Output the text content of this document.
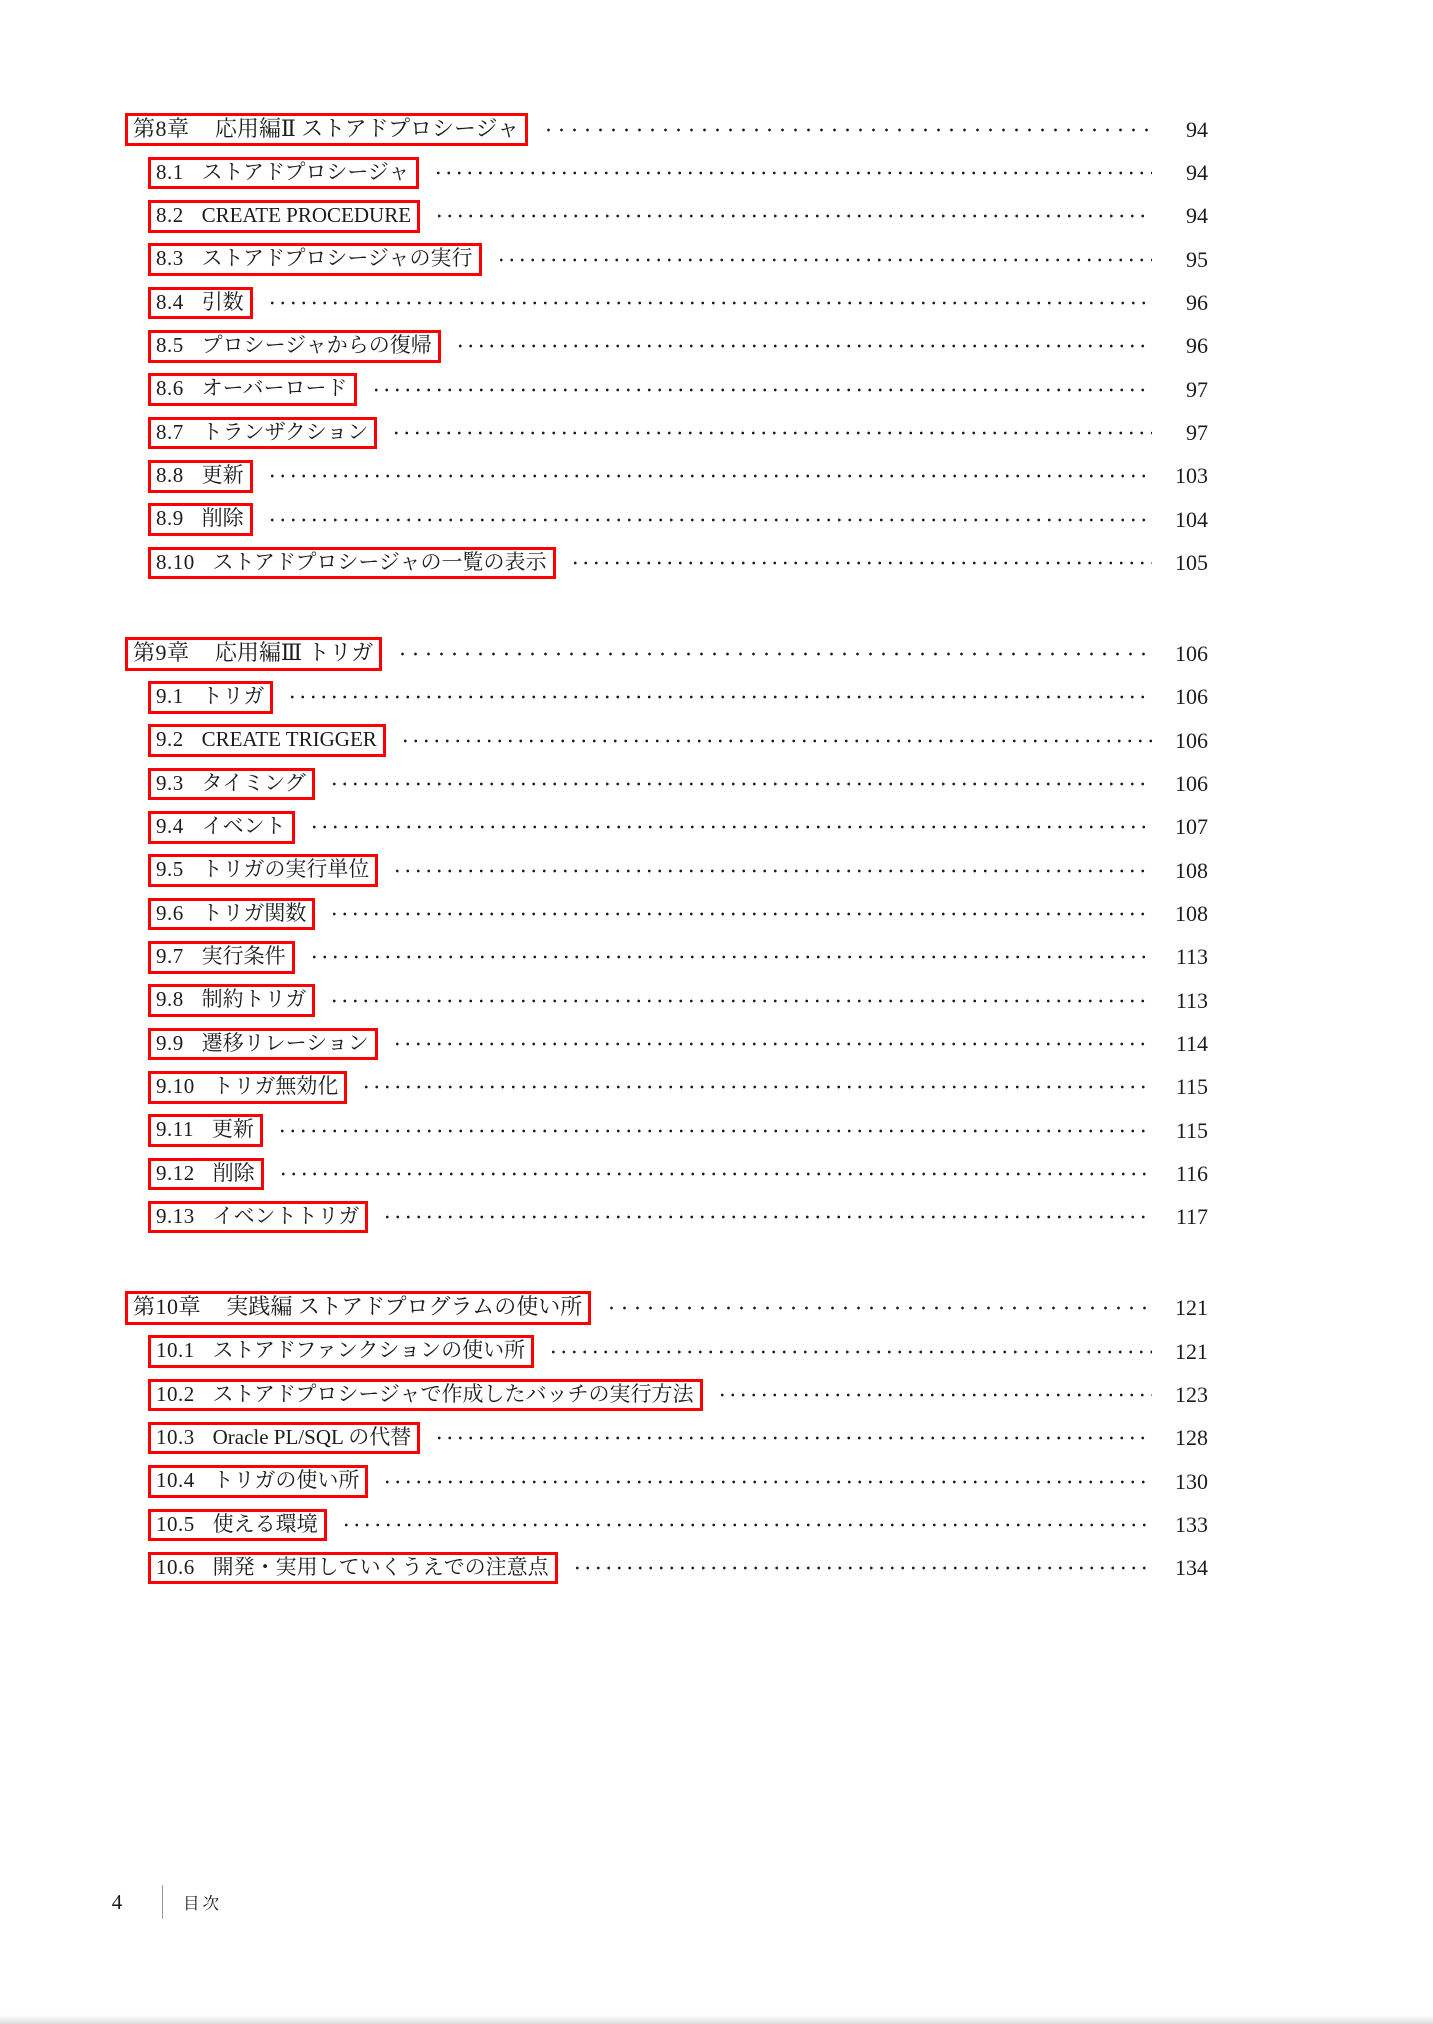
第8章 応用編Ⅱ ストアドプロシージャ	94
8.1 ストアドプロシージャ	94
8.2 CREATE PROCEDURE	94
8.3 ストアドプロシージャの実行	95
8.4 引数	96
8.5 プロシージャからの復帰	96
8.6 オーバーロード	97
8.7 トランザクション	97
8.8 更新	103
8.9 削除	104
8.10 ストアドプロシージャの一覧の表示	105
第9章 応用編Ⅲ トリガ	106
9.1 トリガ	106
9.2 CREATE TRIGGER	106
9.3 タイミング	106
9.4 イベント	107
9.5 トリガの実行単位	108
9.6 トリガ関数	108
9.7 実行条件	113
9.8 制約トリガ	113
9.9 遷移リレーション	114
9.10 トリガ無効化	115
9.11 更新	115
9.12 削除	116
9.13 イベントトリガ	117
第10章 実践編 ストアドプログラムの使い所	121
10.1 ストアドファンクションの使い所	121
10.2 ストアドプロシージャで作成したバッチの実行方法	123
10.3 Oracle PL/SQL の代替	128
10.4 トリガの使い所	130
10.5 使える環境	133
10.6 開発・実用していくうえでの注意点	134
4	目次
